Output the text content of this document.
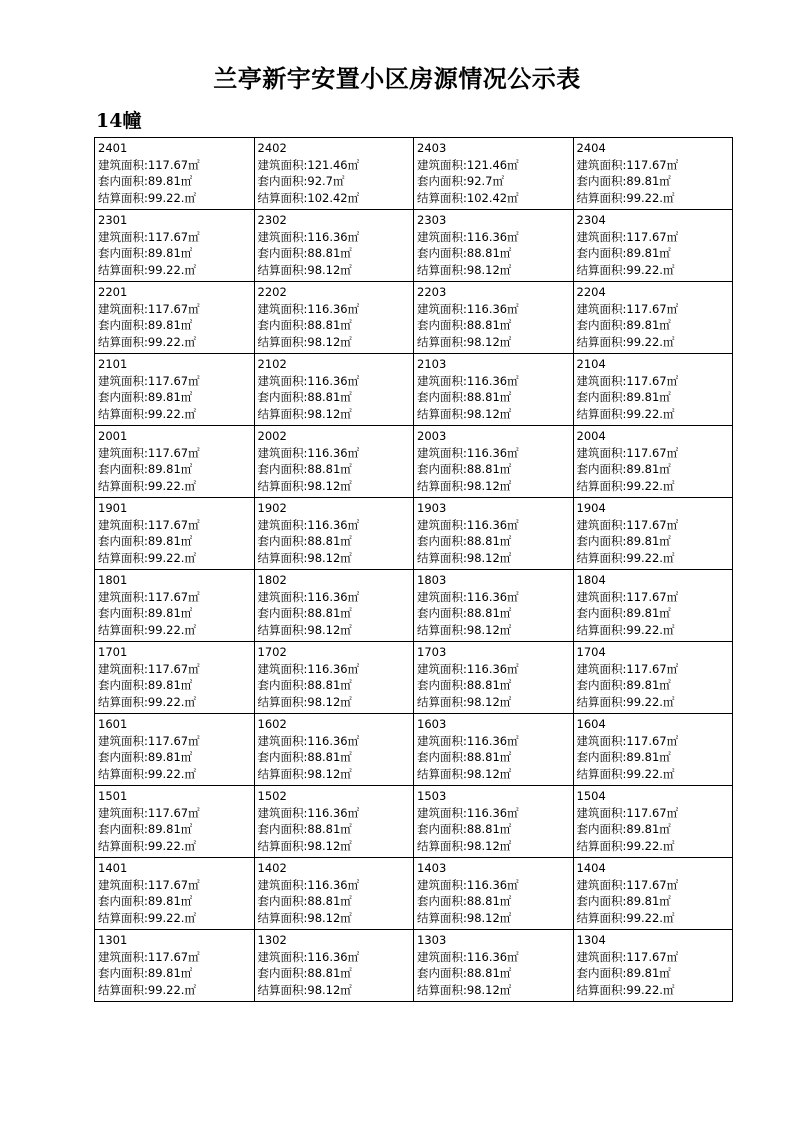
兰亭新宇安置小区房源情况公示表
14幢
2401
建筑面积:117.67㎡
套内面积:89.81㎡
结算面积:99.22.㎡	2402
建筑面积:121.46㎡
套内面积:92.7㎡
结算面积:102.42㎡	2403
建筑面积:121.46㎡
套内面积:92.7㎡
结算面积:102.42㎡	2404
建筑面积:117.67㎡
套内面积:89.81㎡
结算面积:99.22.㎡

2301
建筑面积:117.67㎡
套内面积:89.81㎡
结算面积:99.22.㎡	2302
建筑面积:116.36㎡
套内面积:88.81㎡
结算面积:98.12㎡	2303
建筑面积:116.36㎡
套内面积:88.81㎡
结算面积:98.12㎡	2304
建筑面积:117.67㎡
套内面积:89.81㎡
结算面积:99.22.㎡

2201
建筑面积:117.67㎡
套内面积:89.81㎡
结算面积:99.22.㎡	2202
建筑面积:116.36㎡
套内面积:88.81㎡
结算面积:98.12㎡	2203
建筑面积:116.36㎡
套内面积:88.81㎡
结算面积:98.12㎡	2204
建筑面积:117.67㎡
套内面积:89.81㎡
结算面积:99.22.㎡

2101
建筑面积:117.67㎡
套内面积:89.81㎡
结算面积:99.22.㎡	2102
建筑面积:116.36㎡
套内面积:88.81㎡
结算面积:98.12㎡	2103
建筑面积:116.36㎡
套内面积:88.81㎡
结算面积:98.12㎡	2104
建筑面积:117.67㎡
套内面积:89.81㎡
结算面积:99.22.㎡

2001
建筑面积:117.67㎡
套内面积:89.81㎡
结算面积:99.22.㎡	2002
建筑面积:116.36㎡
套内面积:88.81㎡
结算面积:98.12㎡	2003
建筑面积:116.36㎡
套内面积:88.81㎡
结算面积:98.12㎡	2004
建筑面积:117.67㎡
套内面积:89.81㎡
结算面积:99.22.㎡

1901
建筑面积:117.67㎡
套内面积:89.81㎡
结算面积:99.22.㎡	1902
建筑面积:116.36㎡
套内面积:88.81㎡
结算面积:98.12㎡	1903
建筑面积:116.36㎡
套内面积:88.81㎡
结算面积:98.12㎡	1904
建筑面积:117.67㎡
套内面积:89.81㎡
结算面积:99.22.㎡

1801
建筑面积:117.67㎡
套内面积:89.81㎡
结算面积:99.22.㎡	1802
建筑面积:116.36㎡
套内面积:88.81㎡
结算面积:98.12㎡	1803
建筑面积:116.36㎡
套内面积:88.81㎡
结算面积:98.12㎡	1804
建筑面积:117.67㎡
套内面积:89.81㎡
结算面积:99.22.㎡

1701
建筑面积:117.67㎡
套内面积:89.81㎡
结算面积:99.22.㎡	1702
建筑面积:116.36㎡
套内面积:88.81㎡
结算面积:98.12㎡	1703
建筑面积:116.36㎡
套内面积:88.81㎡
结算面积:98.12㎡	1704
建筑面积:117.67㎡
套内面积:89.81㎡
结算面积:99.22.㎡

1601
建筑面积:117.67㎡
套内面积:89.81㎡
结算面积:99.22.㎡	1602
建筑面积:116.36㎡
套内面积:88.81㎡
结算面积:98.12㎡	1603
建筑面积:116.36㎡
套内面积:88.81㎡
结算面积:98.12㎡	1604
建筑面积:117.67㎡
套内面积:89.81㎡
结算面积:99.22.㎡

1501
建筑面积:117.67㎡
套内面积:89.81㎡
结算面积:99.22.㎡	1502
建筑面积:116.36㎡
套内面积:88.81㎡
结算面积:98.12㎡	1503
建筑面积:116.36㎡
套内面积:88.81㎡
结算面积:98.12㎡	1504
建筑面积:117.67㎡
套内面积:89.81㎡
结算面积:99.22.㎡

1401
建筑面积:117.67㎡
套内面积:89.81㎡
结算面积:99.22.㎡	1402
建筑面积:116.36㎡
套内面积:88.81㎡
结算面积:98.12㎡	1403
建筑面积:116.36㎡
套内面积:88.81㎡
结算面积:98.12㎡	1404
建筑面积:117.67㎡
套内面积:89.81㎡
结算面积:99.22.㎡

1301
建筑面积:117.67㎡
套内面积:89.81㎡
结算面积:99.22.㎡	1302
建筑面积:116.36㎡
套内面积:88.81㎡
结算面积:98.12㎡	1303
建筑面积:116.36㎡
套内面积:88.81㎡
结算面积:98.12㎡	1304
建筑面积:117.67㎡
套内面积:89.81㎡
结算面积:99.22.㎡
